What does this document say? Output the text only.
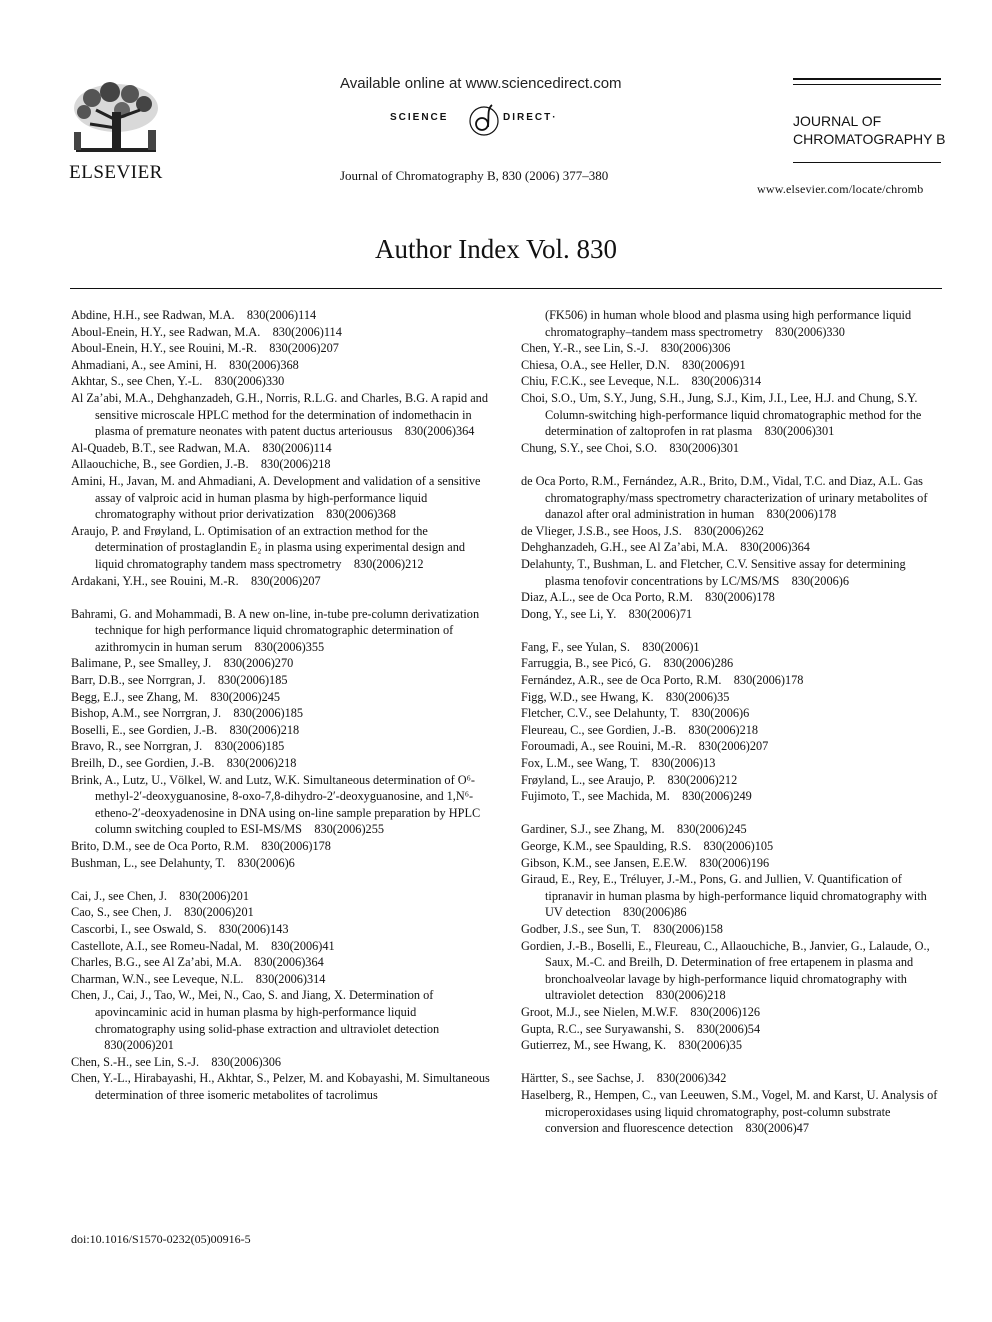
ELSEVIER
Available online at www.sciencedirect.com
SCIENCE	DIRECT·
Journal of Chromatography B, 830 (2006) 377–380
JOURNAL OF
CHROMATOGRAPHY B
www.elsevier.com/locate/chromb
Author Index Vol. 830
Abdine, H.H., see Radwan, M.A. 830(2006)114
Aboul-Enein, H.Y., see Radwan, M.A. 830(2006)114
Aboul-Enein, H.Y., see Rouini, M.-R. 830(2006)207
Ahmadiani, A., see Amini, H. 830(2006)368
Akhtar, S., see Chen, Y.-L. 830(2006)330
Al Za’abi, M.A., Dehghanzadeh, G.H., Norris, R.L.G. and Charles, B.G. A rapid and sensitive microscale HPLC method for the determination of indomethacin in plasma of premature neonates with patent ductus arteriousus 830(2006)364
Al-Quadeb, B.T., see Radwan, M.A. 830(2006)114
Allaouchiche, B., see Gordien, J.-B. 830(2006)218
Amini, H., Javan, M. and Ahmadiani, A. Development and validation of a sensitive assay of valproic acid in human plasma by high-performance liquid chromatography without prior derivatization 830(2006)368
Araujo, P. and Frøyland, L. Optimisation of an extraction method for the determination of prostaglandin E₂ in plasma using experimental design and liquid chromatography tandem mass spectrometry 830(2006)212
Ardakani, Y.H., see Rouini, M.-R. 830(2006)207
Bahrami, G. and Mohammadi, B. A new on-line, in-tube pre-column derivatization technique for high performance liquid chromatographic determination of azithromycin in human serum 830(2006)355
Balimane, P., see Smalley, J. 830(2006)270
Barr, D.B., see Norrgran, J. 830(2006)185
Begg, E.J., see Zhang, M. 830(2006)245
Bishop, A.M., see Norrgran, J. 830(2006)185
Boselli, E., see Gordien, J.-B. 830(2006)218
Bravo, R., see Norrgran, J. 830(2006)185
Breilh, D., see Gordien, J.-B. 830(2006)218
Brink, A., Lutz, U., Völkel, W. and Lutz, W.K. Simultaneous determination of O⁶-methyl-2′-deoxyguanosine, 8-oxo-7,8-dihydro-2′-deoxyguanosine, and 1,N⁶-etheno-2′-deoxyadenosine in DNA using on-line sample preparation by HPLC column switching coupled to ESI-MS/MS 830(2006)255
Brito, D.M., see de Oca Porto, R.M. 830(2006)178
Bushman, L., see Delahunty, T. 830(2006)6
Cai, J., see Chen, J. 830(2006)201
Cao, S., see Chen, J. 830(2006)201
Cascorbi, I., see Oswald, S. 830(2006)143
Castellote, A.I., see Romeu-Nadal, M. 830(2006)41
Charles, B.G., see Al Za’abi, M.A. 830(2006)364
Charman, W.N., see Leveque, N.L. 830(2006)314
Chen, J., Cai, J., Tao, W., Mei, N., Cao, S. and Jiang, X. Determination of apovincaminic acid in human plasma by high-performance liquid chromatography using solid-phase extraction and ultraviolet detection 830(2006)201
Chen, S.-H., see Lin, S.-J. 830(2006)306
Chen, Y.-L., Hirabayashi, H., Akhtar, S., Pelzer, M. and Kobayashi, M. Simultaneous determination of three isomeric metabolites of tacrolimus
(FK506) in human whole blood and plasma using high performance liquid chromatography–tandem mass spectrometry 830(2006)330
Chen, Y.-R., see Lin, S.-J. 830(2006)306
Chiesa, O.A., see Heller, D.N. 830(2006)91
Chiu, F.C.K., see Leveque, N.L. 830(2006)314
Choi, S.O., Um, S.Y., Jung, S.H., Jung, S.J., Kim, J.I., Lee, H.J. and Chung, S.Y. Column-switching high-performance liquid chromatographic method for the determination of zaltoprofen in rat plasma 830(2006)301
Chung, S.Y., see Choi, S.O. 830(2006)301
de Oca Porto, R.M., Fernández, A.R., Brito, D.M., Vidal, T.C. and Diaz, A.L. Gas chromatography/mass spectrometry characterization of urinary metabolites of danazol after oral administration in human 830(2006)178
de Vlieger, J.S.B., see Hoos, J.S. 830(2006)262
Dehghanzadeh, G.H., see Al Za’abi, M.A. 830(2006)364
Delahunty, T., Bushman, L. and Fletcher, C.V. Sensitive assay for determining plasma tenofovir concentrations by LC/MS/MS 830(2006)6
Diaz, A.L., see de Oca Porto, R.M. 830(2006)178
Dong, Y., see Li, Y. 830(2006)71
Fang, F., see Yulan, S. 830(2006)1
Farruggia, B., see Picó, G. 830(2006)286
Fernández, A.R., see de Oca Porto, R.M. 830(2006)178
Figg, W.D., see Hwang, K. 830(2006)35
Fletcher, C.V., see Delahunty, T. 830(2006)6
Fleureau, C., see Gordien, J.-B. 830(2006)218
Foroumadi, A., see Rouini, M.-R. 830(2006)207
Fox, L.M., see Wang, T. 830(2006)13
Frøyland, L., see Araujo, P. 830(2006)212
Fujimoto, T., see Machida, M. 830(2006)249
Gardiner, S.J., see Zhang, M. 830(2006)245
George, K.M., see Spaulding, R.S. 830(2006)105
Gibson, K.M., see Jansen, E.E.W. 830(2006)196
Giraud, E., Rey, E., Tréluyer, J.-M., Pons, G. and Jullien, V. Quantification of tipranavir in human plasma by high-performance liquid chromatography with UV detection 830(2006)86
Godber, J.S., see Sun, T. 830(2006)158
Gordien, J.-B., Boselli, E., Fleureau, C., Allaouchiche, B., Janvier, G., Lalaude, O., Saux, M.-C. and Breilh, D. Determination of free ertapenem in plasma and bronchoalveolar lavage by high-performance liquid chromatography with ultraviolet detection 830(2006)218
Groot, M.J., see Nielen, M.W.F. 830(2006)126
Gupta, R.C., see Suryawanshi, S. 830(2006)54
Gutierrez, M., see Hwang, K. 830(2006)35
Härtter, S., see Sachse, J. 830(2006)342
Haselberg, R., Hempen, C., van Leeuwen, S.M., Vogel, M. and Karst, U. Analysis of microperoxidases using liquid chromatography, post-column substrate conversion and fluorescence detection 830(2006)47
doi:10.1016/S1570-0232(05)00916-5
